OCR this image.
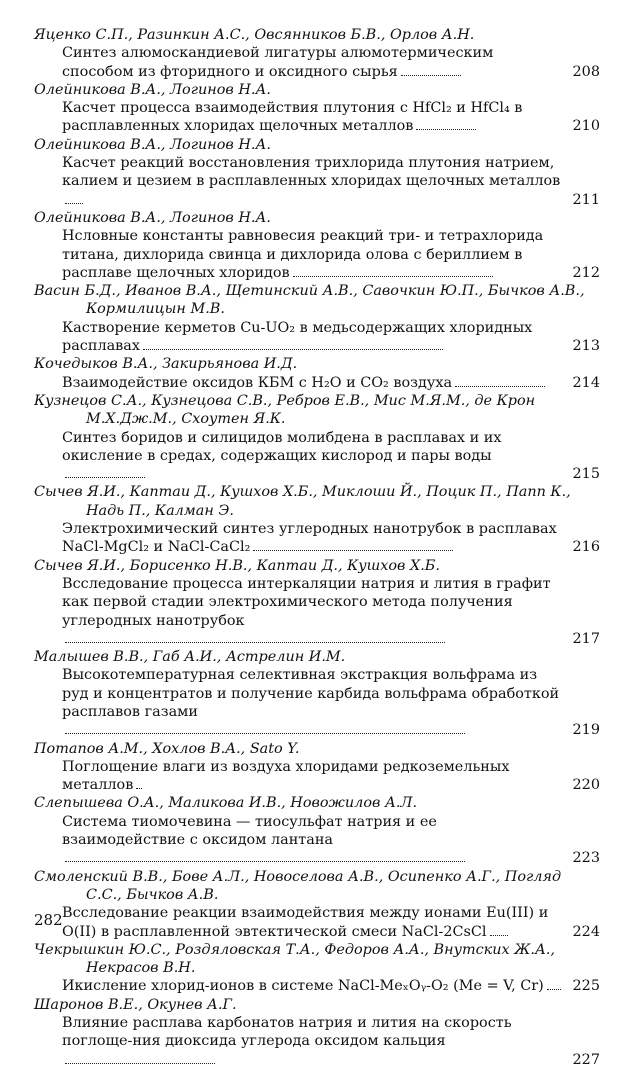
Яценко С.П., Разинкин А.С., Овсянников Б.В., Орлов А.Н.
Синтез алюмоскандиевой лигатуры алюмотермическим способом из фторидного и оксидного сырья	208
Олейникова В.А., Логинов Н.А.
Касчет процесса взаимодействия плутония с HfCl₂ и HfCl₄ в расплавленных хлоридах щелочных металлов	210
Олейникова В.А., Логинов Н.А.
Касчет реакций восстановления трихлорида плутония натрием, калием и цезием в расплавленных хлоридах щелочных металлов
211
Олейникова В.А., Логинов Н.А.
Нсловные константы равновесия реакций три- и тетрахлорида титана, дихлорида свинца и дихлорида олова с бериллием в расплаве щелочных хлоридов	212
Васин Б.Д., Иванов В.А., Щетинский А.В., Савочкин Ю.П., Бычков А.В., Кормилицын М.В.
Кастворение керметов Cu-UO₂ в медьсодержащих хлоридных расплавах	213
Кочедыков В.А., Закирьянова И.Д.
Взаимодействие оксидов КБМ с H₂O и CO₂ воздуха	214
Кузнецов С.А., Кузнецова С.В., Ребров Е.В., Мис М.Я.М., де Крон М.Х.Дж.М., Схоутен Я.К.
Синтез боридов и силицидов молибдена в расплавах и их окисление в средах, содержащих кислород и пары воды
215
Сычев Я.И., Каптаи Д., Кушхов Х.Б., Миклоши Й., Поцик П., Папп К., Надь П., Калман Э.
Электрохимический синтез углеродных нанотрубок в расплавах NaCl-MgCl₂ и NaCl-CaCl₂	216
Сычев Я.И., Борисенко Н.В., Каптаи Д., Кушхов Х.Б.
Всследование процесса интеркаляции натрия и лития в графит как первой стадии электрохимического метода получения углеродных нанотрубок
217
Малышев В.В., Габ А.И., Астрелин И.М.
Высокотемпературная селективная экстракция вольфрама из руд и концентратов и получение карбида вольфрама обработкой расплавов газами
219
Потапов А.М., Хохлов В.А., Sato Y.
Поглощение влаги из воздуха хлоридами редкоземельных металлов	220
Слепышева О.А., Маликова И.В., Новожилов А.Л.
Система тиомочевина — тиосульфат натрия и ее взаимодействие с оксидом лантана
223
Смоленский В.В., Бове А.Л., Новоселова А.В., Осипенко А.Г., Погляд С.С., Бычков А.В.
Всследование реакции взаимодействия между ионами Eu(III) и O(II) в расплавленной эвтектической смеси NaCl-2CsCl	224
Чекрышкин Ю.С., Роздяловская Т.А., Федоров А.А., Внутских Ж.А., Некрасов В.Н.
Икисление хлорид-ионов в системе NaCl-MeₓOᵧ-O₂ (Me = V, Cr)	225
Шаронов В.Е., Окунев А.Г.
Влияние расплава карбонатов натрия и лития на скорость поглоще-ния диоксида углерода оксидом кальция
227
282
